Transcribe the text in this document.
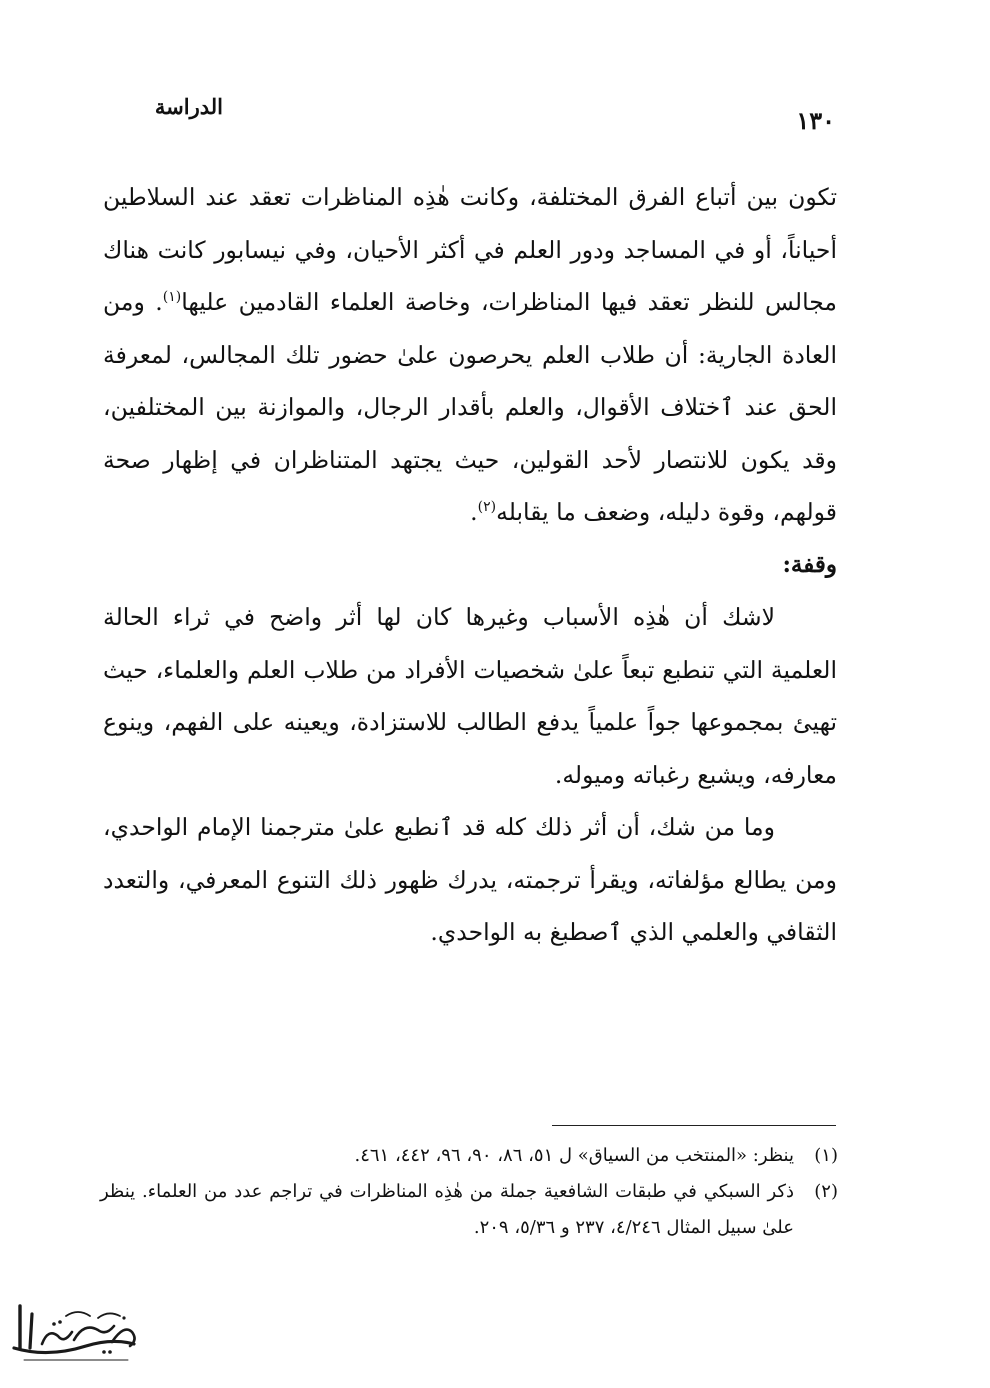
١٣٠
الدراسة

تكون بين أتباع الفرق المختلفة، وكانت هٰذِه المناظرات تعقد عند السلاطين أحياناً، أو في المساجد ودور العلم في أكثر الأحيان، وفي نيسابور كانت هناك مجالس للنظر تعقد فيها المناظرات، وخاصة العلماء القادمين عليها$^{(١)}$. ومن العادة الجارية: أن طلاب العلم يحرصون علىٰ حضور تلك المجالس، لمعرفة الحق عند ٱختلاف الأقوال، والعلم بأقدار الرجال، والموازنة بين المختلفين، وقد يكون للانتصار لأحد القولين، حيث يجتهد المتناظران في إظهار صحة قولهم، وقوة دليله، وضعف ما يقابله$^{(٢)}$.

وقفة:

لاشك أن هٰذِه الأسباب وغيرها كان لها أثر واضح في ثراء الحالة العلمية التي تنطبع تبعاً علىٰ شخصيات الأفراد من طلاب العلم والعلماء، حيث تهيئ بمجموعها جواً علمياً يدفع الطالب للاستزادة، ويعينه على الفهم، وينوع معارفه، ويشبع رغباته وميوله.

وما من شك، أن أثر ذلك كله قد ٱنطبع علىٰ مترجمنا الإمام الواحدي، ومن يطالع مؤلفاته، ويقرأ ترجمته، يدرك ظهور ذلك التنوع المعرفي، والتعدد الثقافي والعلمي الذي ٱصطبغ به الواحدي.

(١)
ينظر: «المنتخب من السياق» ل ٥١، ٨٦، ٩٠، ٩٦، ٤٤٢، ٤٦١.
(٢)
ذكر السبكي في طبقات الشافعية جملة من هٰذِه المناظرات في تراجم عدد من العلماء. ينظر علىٰ سبيل المثال ٤/٢٤٦، ٢٣٧ و ٥/٣٦، ٢٠٩.
